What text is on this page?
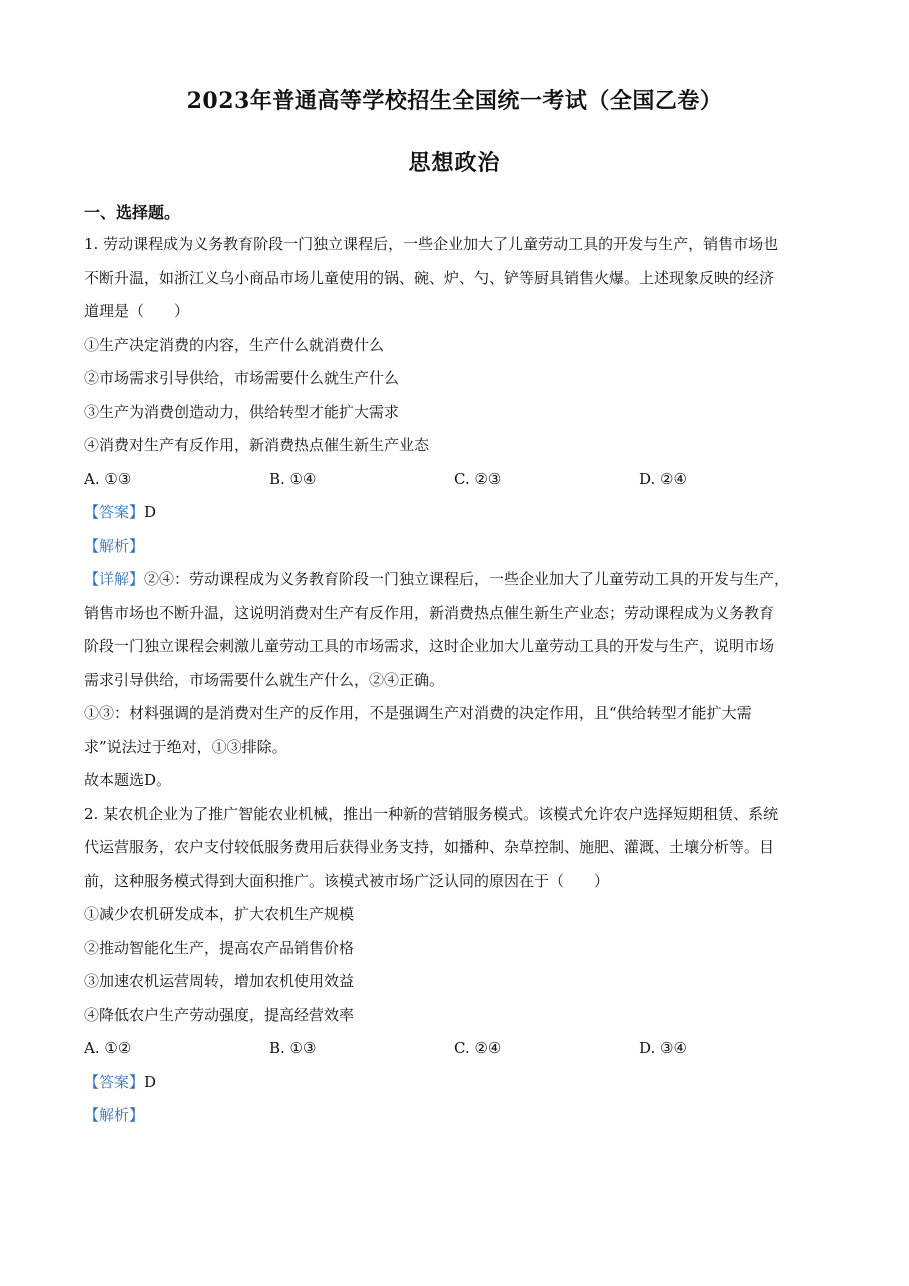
2023年普通高等学校招生全国统一考试（全国乙卷）
思想政治
一、选择题。
1. 劳动课程成为义务教育阶段一门独立课程后，一些企业加大了儿童劳动工具的开发与生产，销售市场也
不断升温，如浙江义乌小商品市场儿童使用的锅、碗、炉、勺、铲等厨具销售火爆。上述现象反映的经济
道理是（　　）
①生产决定消费的内容，生产什么就消费什么
②市场需求引导供给，市场需要什么就生产什么
③生产为消费创造动力，供给转型才能扩大需求
④消费对生产有反作用，新消费热点催生新生产业态
A. ①③	B. ①④	C. ②③	D. ②④
【答案】D
【解析】
【详解】②④：劳动课程成为义务教育阶段一门独立课程后，一些企业加大了儿童劳动工具的开发与生产，
销售市场也不断升温，这说明消费对生产有反作用，新消费热点催生新生产业态；劳动课程成为义务教育
阶段一门独立课程会刺激儿童劳动工具的市场需求，这时企业加大儿童劳动工具的开发与生产，说明市场
需求引导供给，市场需要什么就生产什么，②④正确。
①③：材料强调的是消费对生产的反作用，不是强调生产对消费的决定作用，且“供给转型才能扩大需
求”说法过于绝对，①③排除。
故本题选D。
2. 某农机企业为了推广智能农业机械，推出一种新的营销服务模式。该模式允许农户选择短期租赁、系统
代运营服务，农户支付较低服务费用后获得业务支持，如播种、杂草控制、施肥、灌溉、土壤分析等。目
前，这种服务模式得到大面积推广。该模式被市场广泛认同的原因在于（　　）
①减少农机研发成本，扩大农机生产规模
②推动智能化生产，提高农产品销售价格
③加速农机运营周转，增加农机使用效益
④降低农户生产劳动强度，提高经营效率
A. ①②	B. ①③	C. ②④	D. ③④
【答案】D
【解析】
